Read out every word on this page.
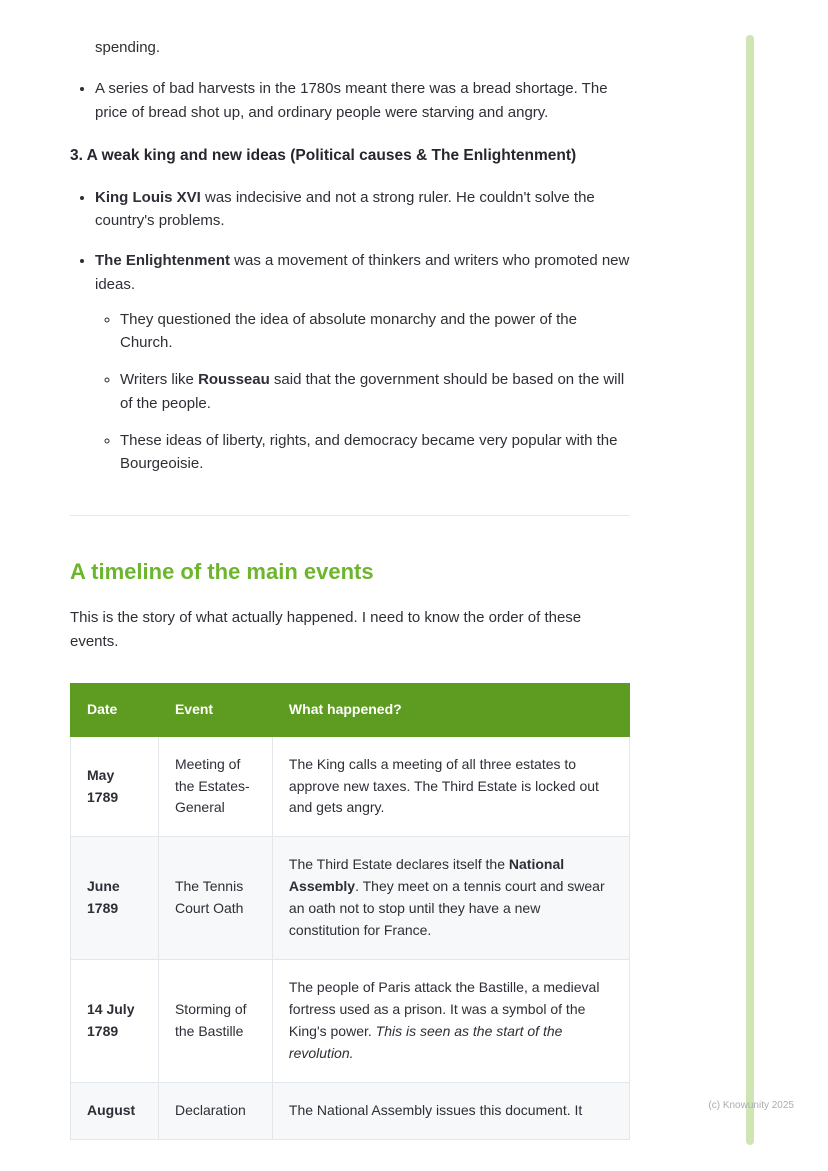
spending.

• A series of bad harvests in the 1780s meant there was a bread shortage. The price of bread shot up, and ordinary people were starving and angry.
3. A weak king and new ideas (Political causes & The Enlightenment)
• King Louis XVI was indecisive and not a strong ruler. He couldn't solve the country's problems.
• The Enlightenment was a movement of thinkers and writers who promoted new ideas.
◦ They questioned the idea of absolute monarchy and the power of the Church.
◦ Writers like Rousseau said that the government should be based on the will of the people.
◦ These ideas of liberty, rights, and democracy became very popular with the Bourgeoisie.
A timeline of the main events

This is the story of what actually happened. I need to know the order of these events.

Date	Event	What happened?
May 1789	Meeting of the Estates-General	The King calls a meeting of all three estates to approve new taxes. The Third Estate is locked out and gets angry.
June 1789	The Tennis Court Oath	The Third Estate declares itself the National Assembly. They meet on a tennis court and swear an oath not to stop until they have a new constitution for France.
14 July 1789	Storming of the Bastille	The people of Paris attack the Bastille, a medieval fortress used as a prison. It was a symbol of the King's power. This is seen as the start of the revolution.
August	Declaration	The National Assembly issues this document. It	(c) Knowunity 2025
